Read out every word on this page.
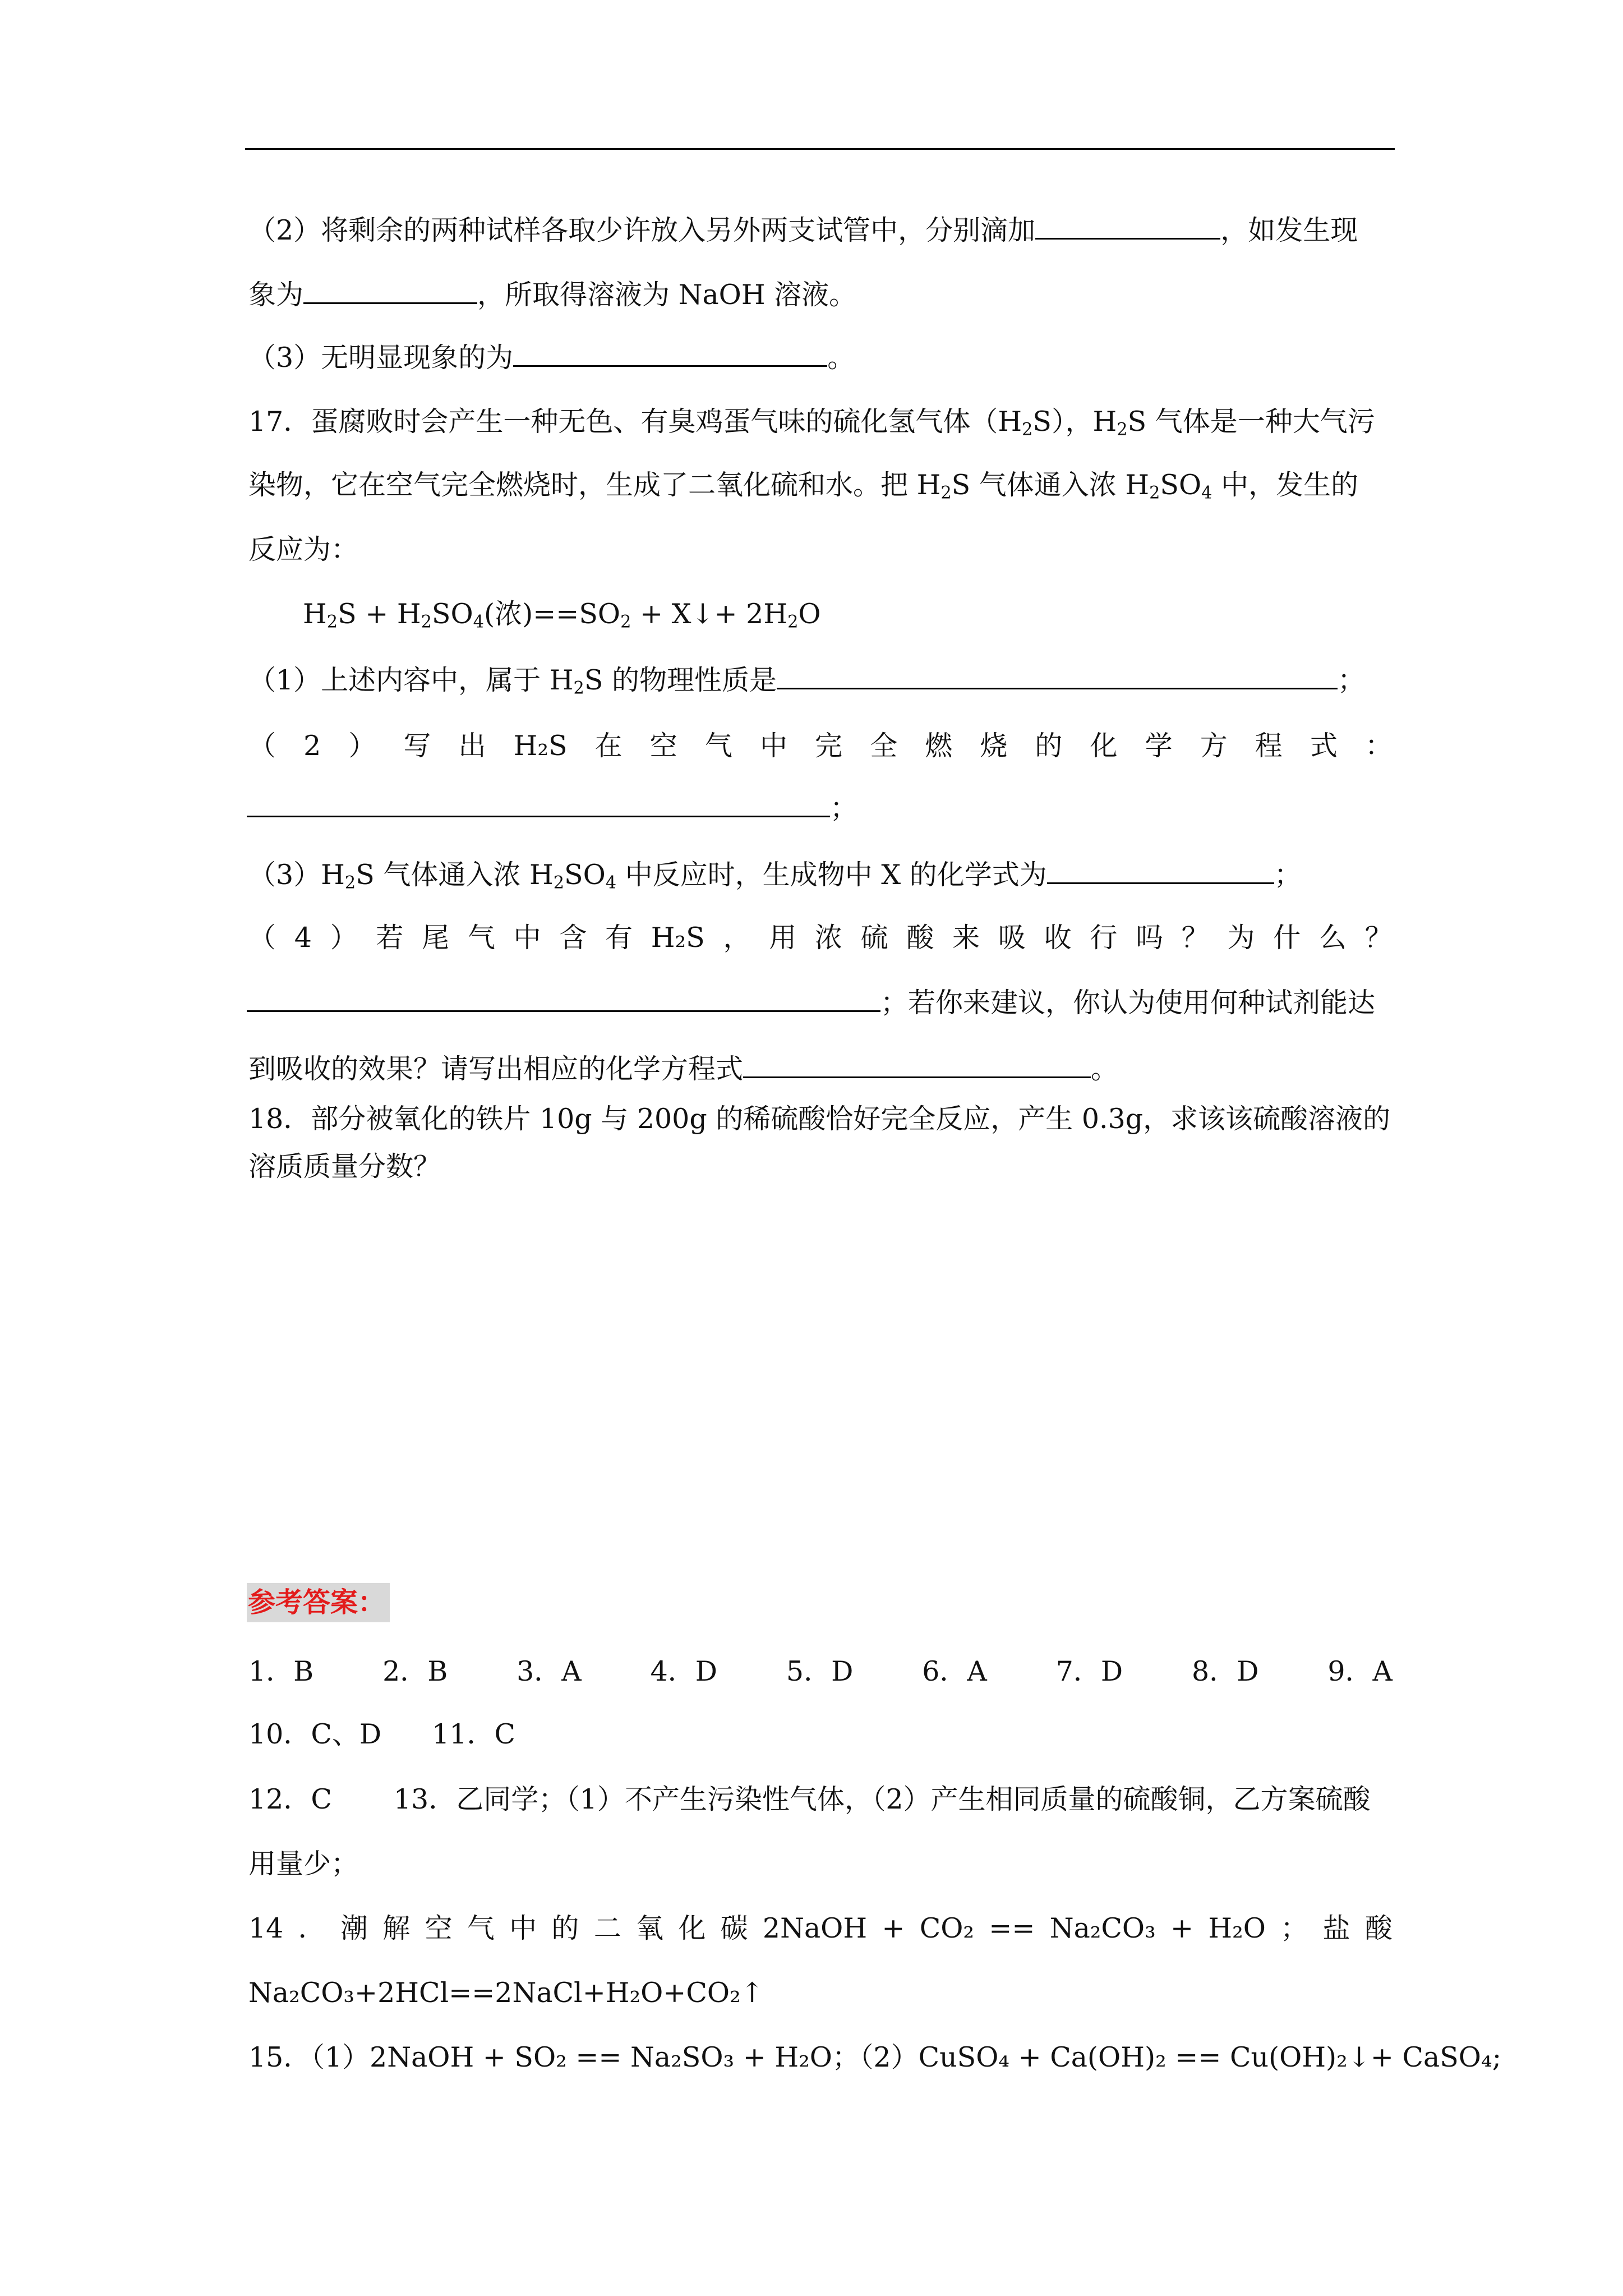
（2）将剩余的两种试样各取少许放入另外两支试管中，分别滴加	，如发生现
象为	，所取得溶液为 NaOH 溶液。
（3）无明显现象的为	。
17．蛋腐败时会产生一种无色、有臭鸡蛋气味的硫化氢气体$(H_2S)$，$H_2S$ 气体是一种大气污
染物，它在空气完全燃烧时，生成了二氧化硫和水。把 $H_2S$ 气体通入浓 $H_2SO_4$ 中，发生的
反应为：
$H_2S + H_2SO_4$(浓)$==SO_2$ + X↓+ $2H_2O$
（1）上述内容中，属于 $H_2S$ 的物理性质是	；
（ 2 ） 写 出 H₂S 在 空 气 中 完 全 燃 烧 的 化 学 方 程 式 ：
；
$(3)H_2S$ 气体通入浓 $H_2SO_4$ 中反应时，生成物中 X 的化学式为	；
（ 4 ） 若 尾 气 中 含 有 H₂S ， 用 浓 硫 酸 来 吸 收 行 吗 ？ 为 什 么 ？
；若你来建议，你认为使用何种试剂能达
到吸收的效果？请写出相应的化学方程式	。
18．部分被氧化的铁片 10g 与 200g 的稀硫酸恰好完全反应，产生 0.3g，求该该硫酸溶液的
溶质质量分数？
参考答案：
1．B	2．B	3．A	4．D	5．D	6．A	7．D	8．D	9．A
10．C、D 11．C
12．C 13．乙同学；（1）不产生污染性气体，（2）产生相同质量的硫酸铜，乙方案硫酸
用量少；
14 ． 潮 解 空 气 中 的 二 氧 化 碳 2NaOH + CO₂ == Na₂CO₃ + H₂O ； 盐 酸
Na₂CO₃+2HCl==2NaCl+H₂O+CO₂↑
15．（1）2NaOH + SO₂ == Na₂SO₃ + H₂O；（2）CuSO₄ + Ca(OH)₂ == Cu(OH)₂↓+ CaSO₄;
